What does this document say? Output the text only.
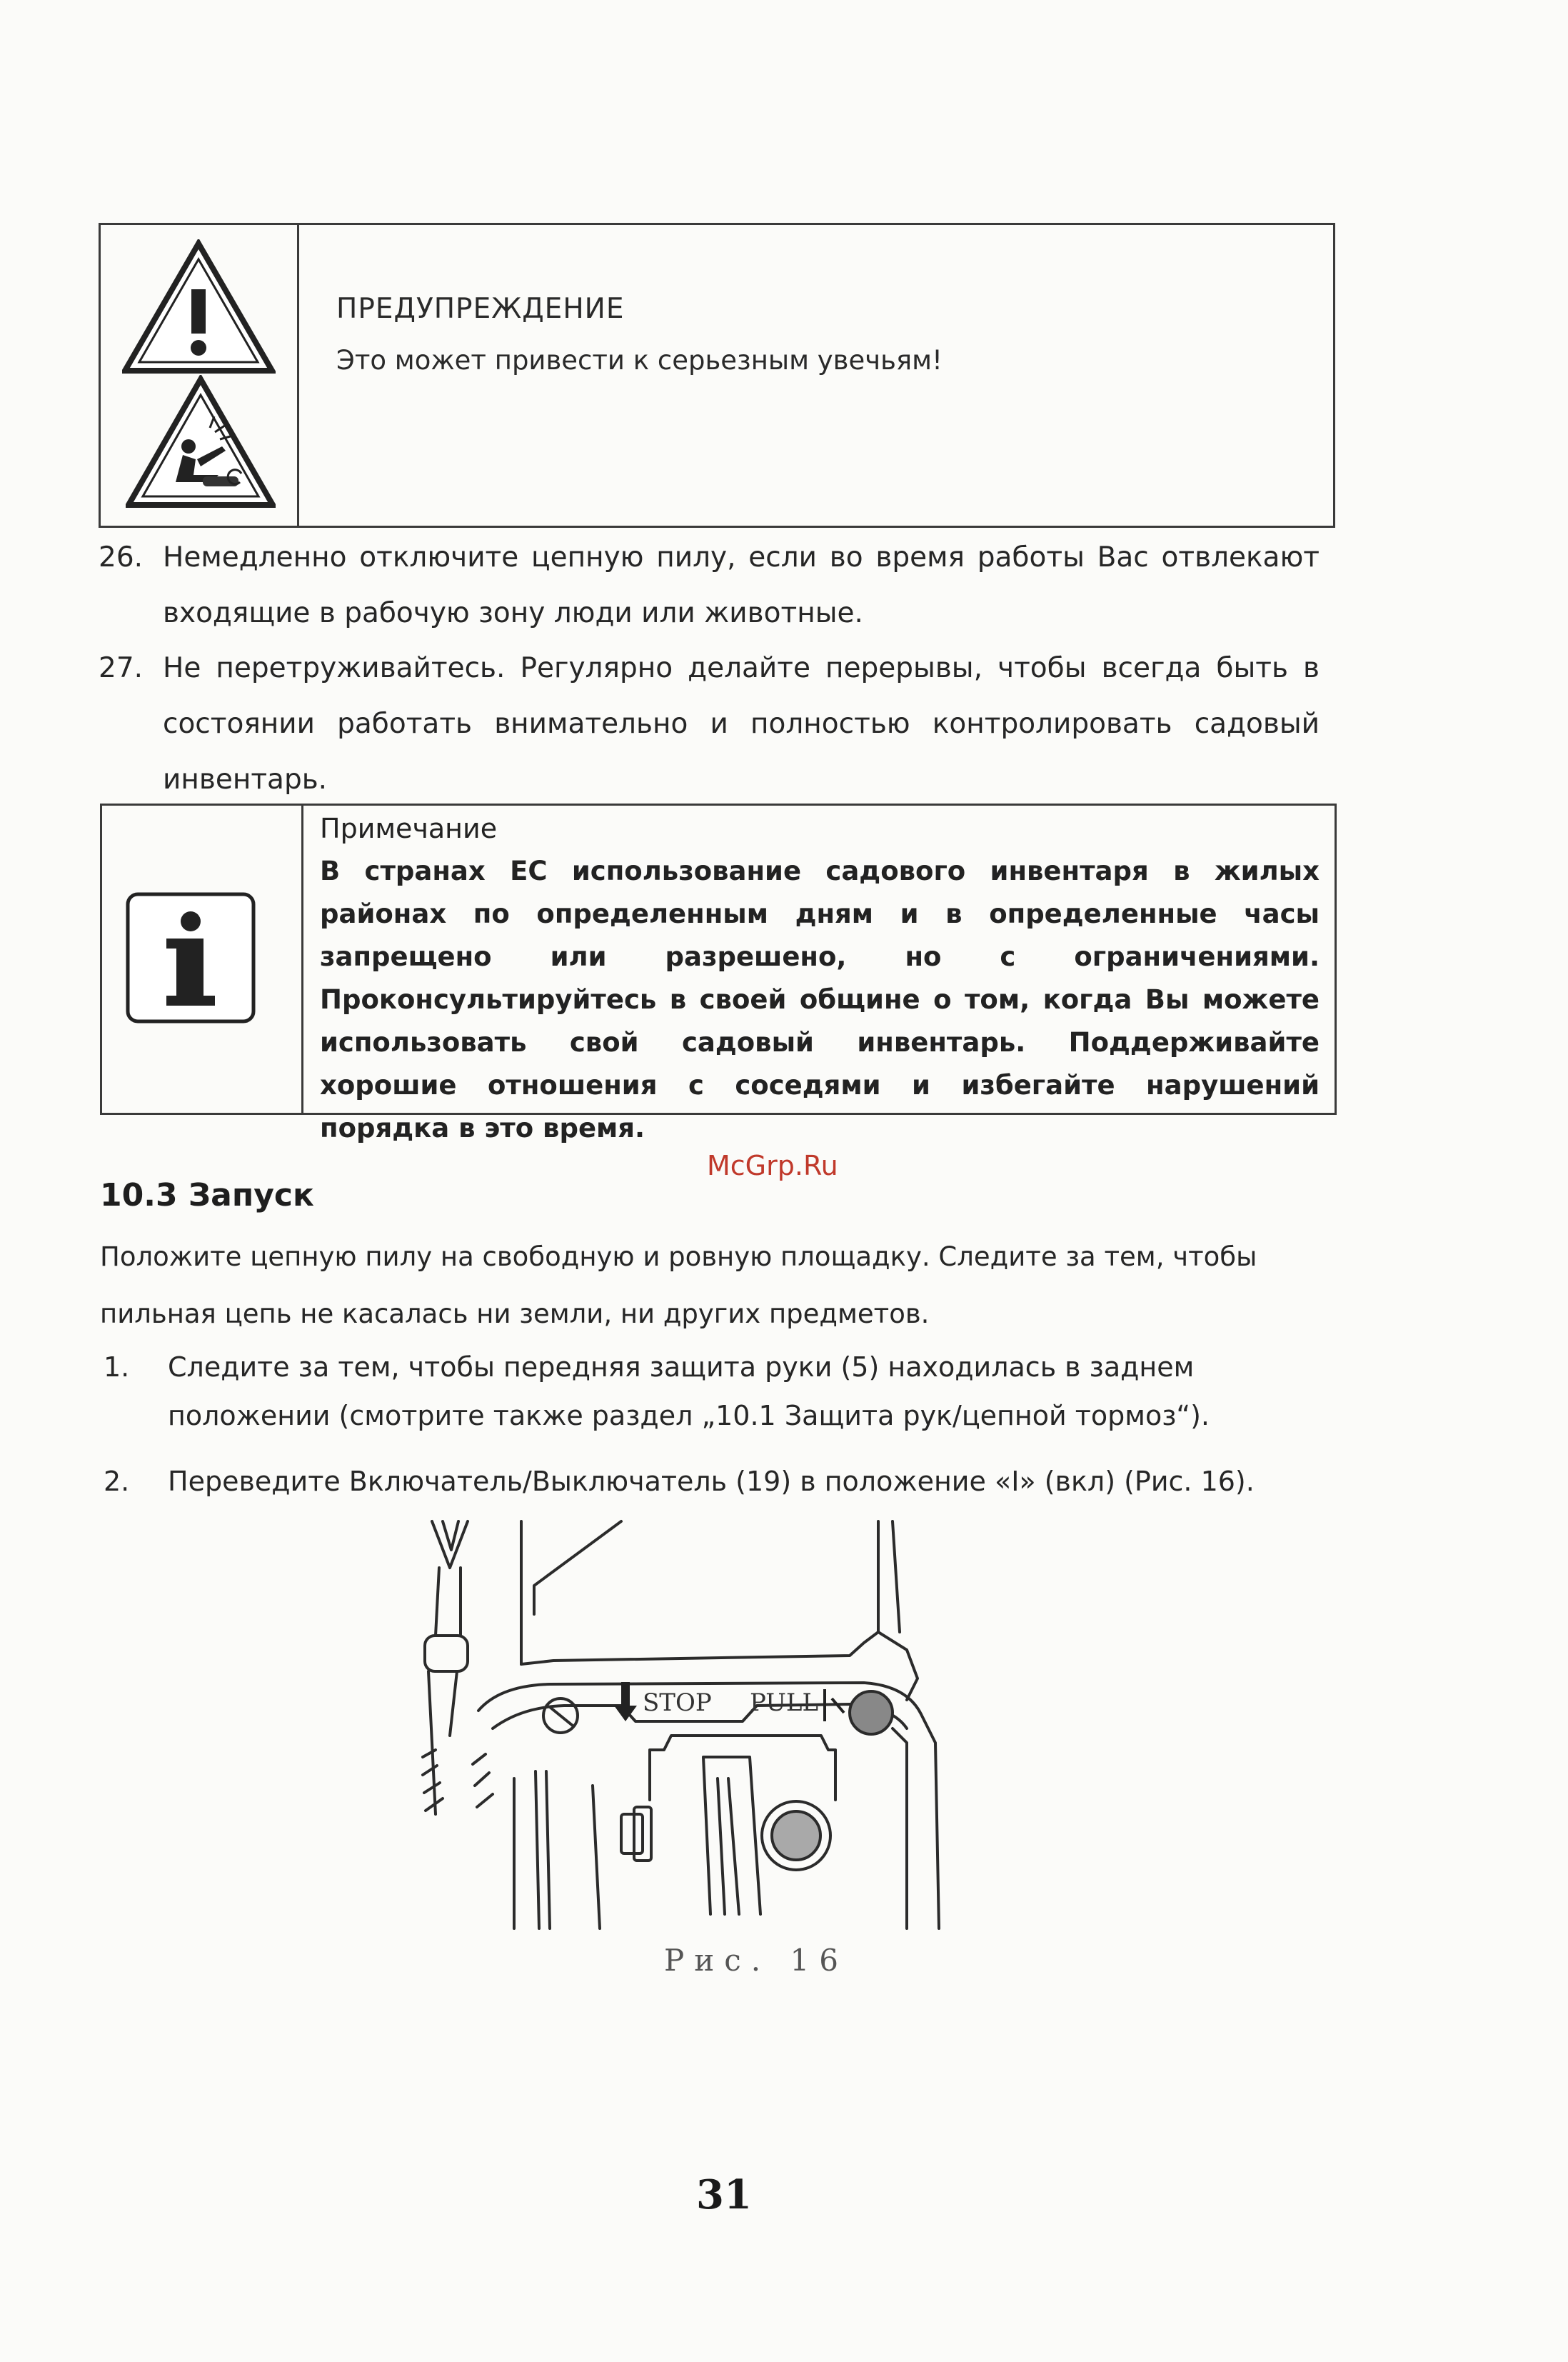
ПРЕДУПРЕЖДЕНИЕ
Это может привести к серьезным увечьям!
26. Немедленно отключите цепную пилу, если во время работы Вас отвлекают входящие в рабочую зону люди или животные.
27. Не перетруживайтесь. Регулярно делайте перерывы, чтобы всегда быть в состоянии работать внимательно и полностью контролировать садовый инвентарь.
Примечание
В странах ЕС использование садового инвентаря в жилых районах по определенным дням и в определенные часы запрещено или разрешено, но с ограничениями. Проконсультируйтесь в своей общине о том, когда Вы можете использовать свой садовый инвентарь. Поддерживайте хорошие отношения с соседями и избегайте нарушений порядка в это время.
McGrp.Ru
10.3 Запуск
Положите цепную пилу на свободную и ровную площадку. Следите за тем, чтобы пильная цепь не касалась ни земли, ни других предметов.
1. Следите за тем, чтобы передняя защита руки (5) находилась в заднем положении (смотрите также раздел „10.1 Защита рук/цепной тормоз“).
2. Переведите Включатель/Выключатель (19) в положение «I» (вкл) (Рис. 16).
STOP PULL
Рис. 16
31
